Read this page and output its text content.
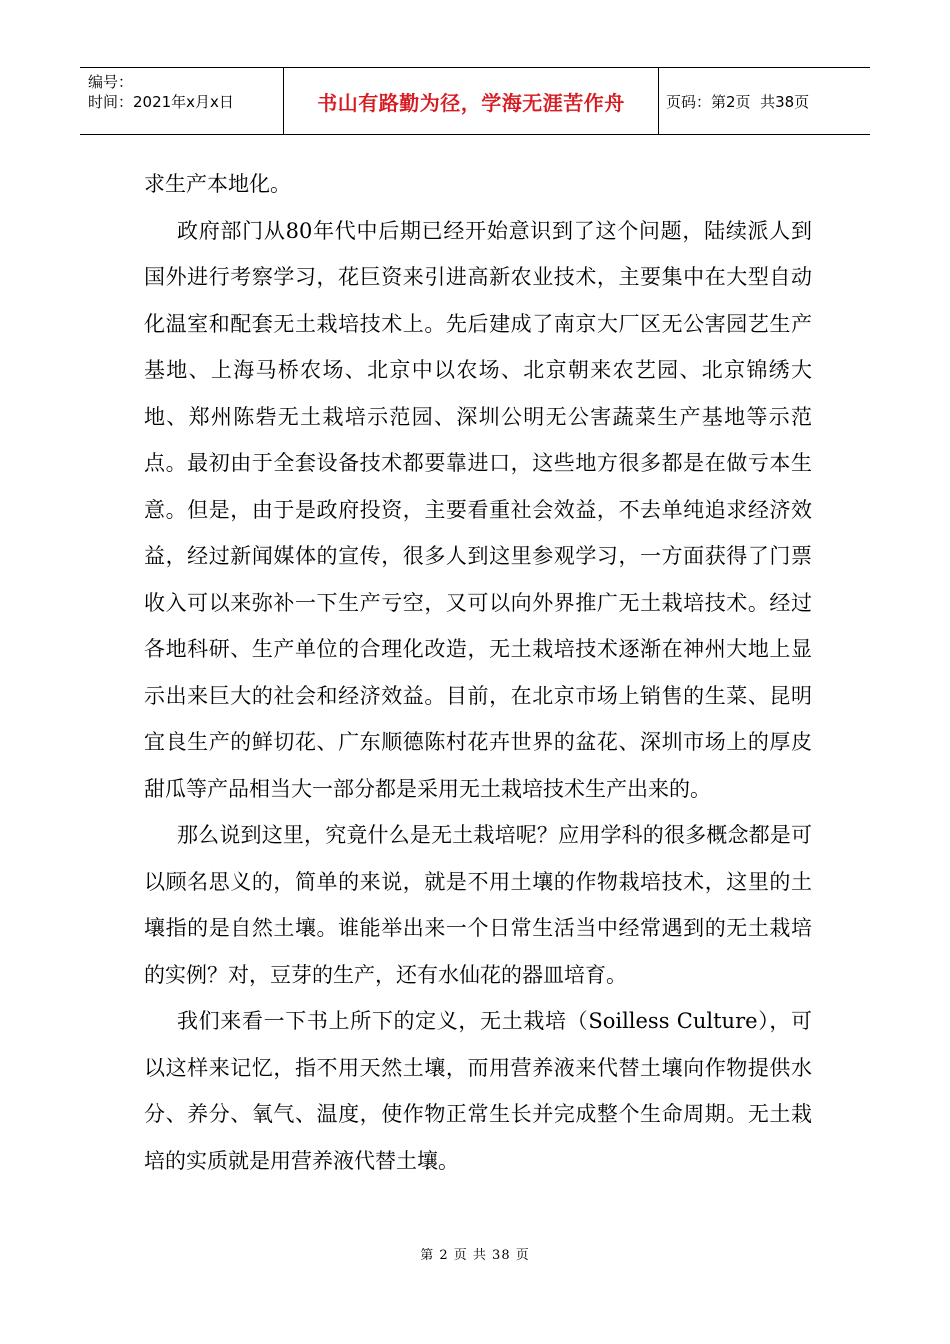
编号：
时间：2021年x月x日	书山有路勤为径，学海无涯苦作舟	页码：第2页  共38页

求生产本地化。

政府部门从80年代中后期已经开始意识到了这个问题，陆续派人到国外进行考察学习，花巨资来引进高新农业技术，主要集中在大型自动化温室和配套无土栽培技术上。先后建成了南京大厂区无公害园艺生产基地、上海马桥农场、北京中以农场、北京朝来农艺园、北京锦绣大地、郑州陈砦无土栽培示范园、深圳公明无公害蔬菜生产基地等示范点。最初由于全套设备技术都要靠进口，这些地方很多都是在做亏本生意。但是，由于是政府投资，主要看重社会效益，不去单纯追求经济效益，经过新闻媒体的宣传，很多人到这里参观学习，一方面获得了门票收入可以来弥补一下生产亏空，又可以向外界推广无土栽培技术。经过各地科研、生产单位的合理化改造，无土栽培技术逐渐在神州大地上显示出来巨大的社会和经济效益。目前，在北京市场上销售的生菜、昆明宜良生产的鲜切花、广东顺德陈村花卉世界的盆花、深圳市场上的厚皮甜瓜等产品相当大一部分都是采用无土栽培技术生产出来的。

那么说到这里，究竟什么是无土栽培呢？应用学科的很多概念都是可以顾名思义的，简单的来说，就是不用土壤的作物栽培技术，这里的土壤指的是自然土壤。谁能举出来一个日常生活当中经常遇到的无土栽培的实例？对，豆芽的生产，还有水仙花的器皿培育。

我们来看一下书上所下的定义，无土栽培（Soilless Culture），可以这样来记忆，指不用天然土壤，而用营养液来代替土壤向作物提供水分、养分、氧气、温度，使作物正常生长并完成整个生命周期。无土栽培的实质就是用营养液代替土壤。

第 2 页 共 38 页
